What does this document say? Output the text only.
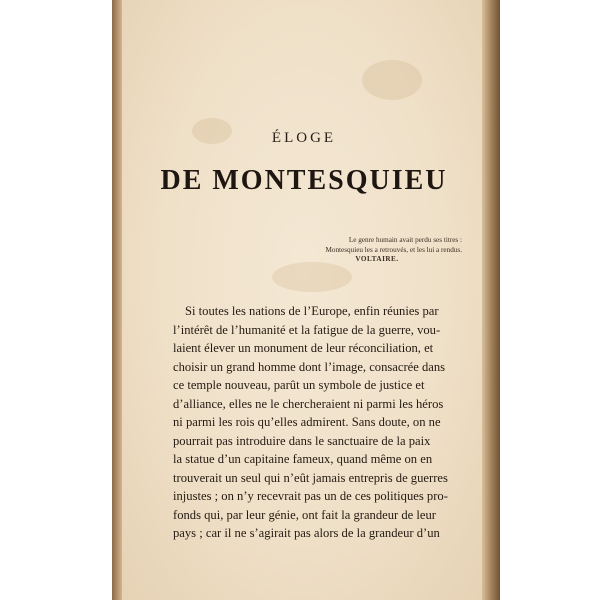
ÉLOGE
DE MONTESQUIEU
Le genre humain avait perdu ses titres :
Montesquieu les a retrouvés, et les lui a rendus.
VOLTAIRE.
Si toutes les nations de l’Europe, enfin réunies par
l’intérêt de l’humanité et la fatigue de la guerre, vou-
laient élever un monument de leur réconciliation, et
choisir un grand homme dont l’image, consacrée dans
ce temple nouveau, parût un symbole de justice et
d’alliance, elles ne le chercheraient ni parmi les héros
ni parmi les rois qu’elles admirent. Sans doute, on ne
pourrait pas introduire dans le sanctuaire de la paix
la statue d’un capitaine fameux, quand même on en
trouverait un seul qui n’eût jamais entrepris de guerres
injustes ; on n’y recevrait pas un de ces politiques pro-
fonds qui, par leur génie, ont fait la grandeur de leur
pays ; car il ne s’agirait pas alors de la grandeur d’un
